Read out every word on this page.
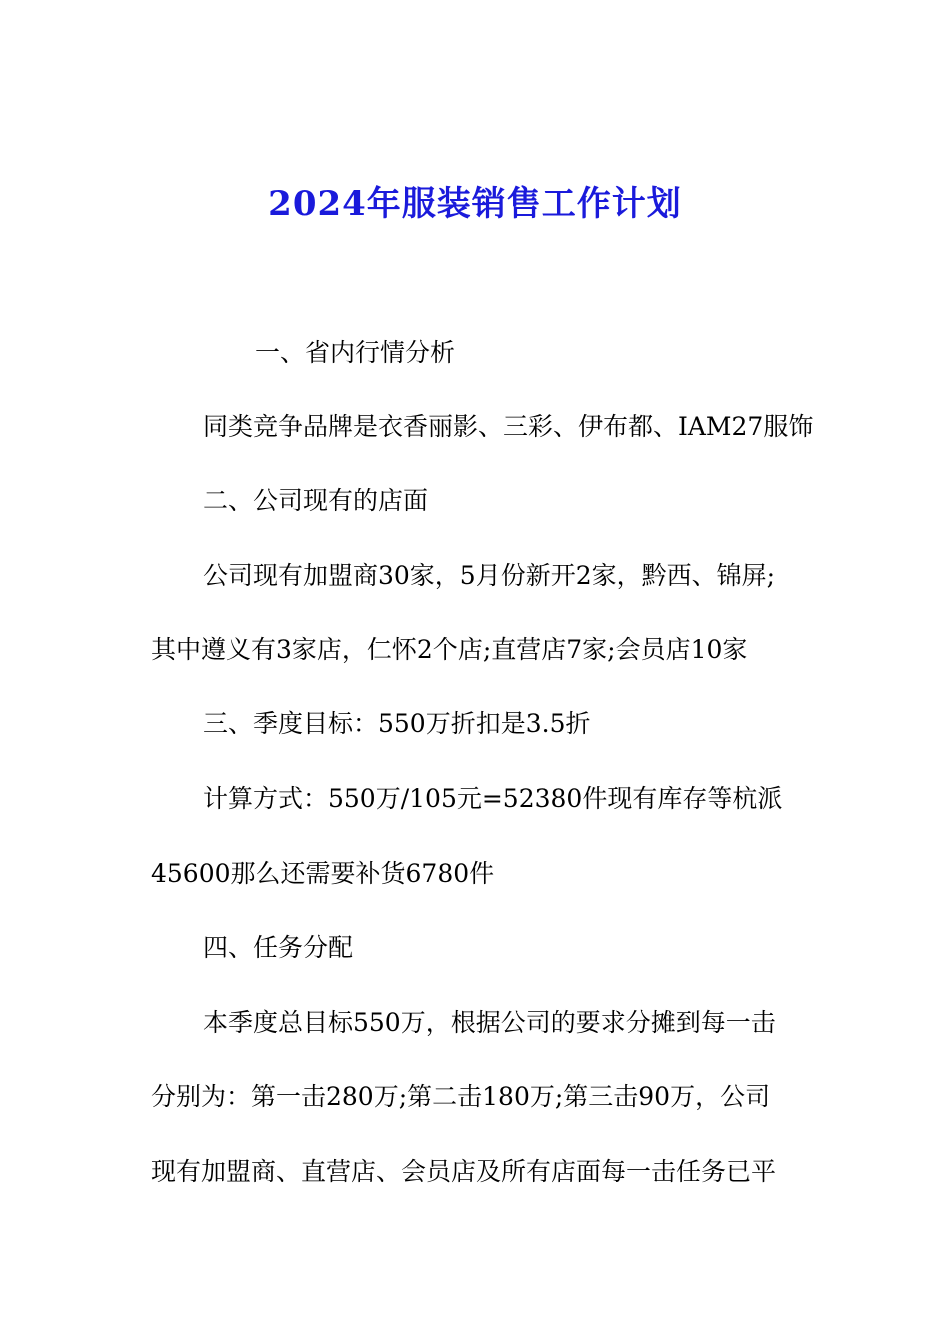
2024年服装销售工作计划
一、省内行情分析
同类竞争品牌是衣香丽影、三彩、伊布都、IAM27服饰
二、公司现有的店面
公司现有加盟商30家，5月份新开2家，黔西、锦屏;
其中遵义有3家店，仁怀2个店;直营店7家;会员店10家
三、季度目标：550万折扣是3.5折
计算方式：550万/105元=52380件现有库存等杭派
45600那么还需要补货6780件
四、任务分配
本季度总目标550万，根据公司的要求分摊到每一击
分别为：第一击280万;第二击180万;第三击90万，公司
现有加盟商、直营店、会员店及所有店面每一击任务已平
